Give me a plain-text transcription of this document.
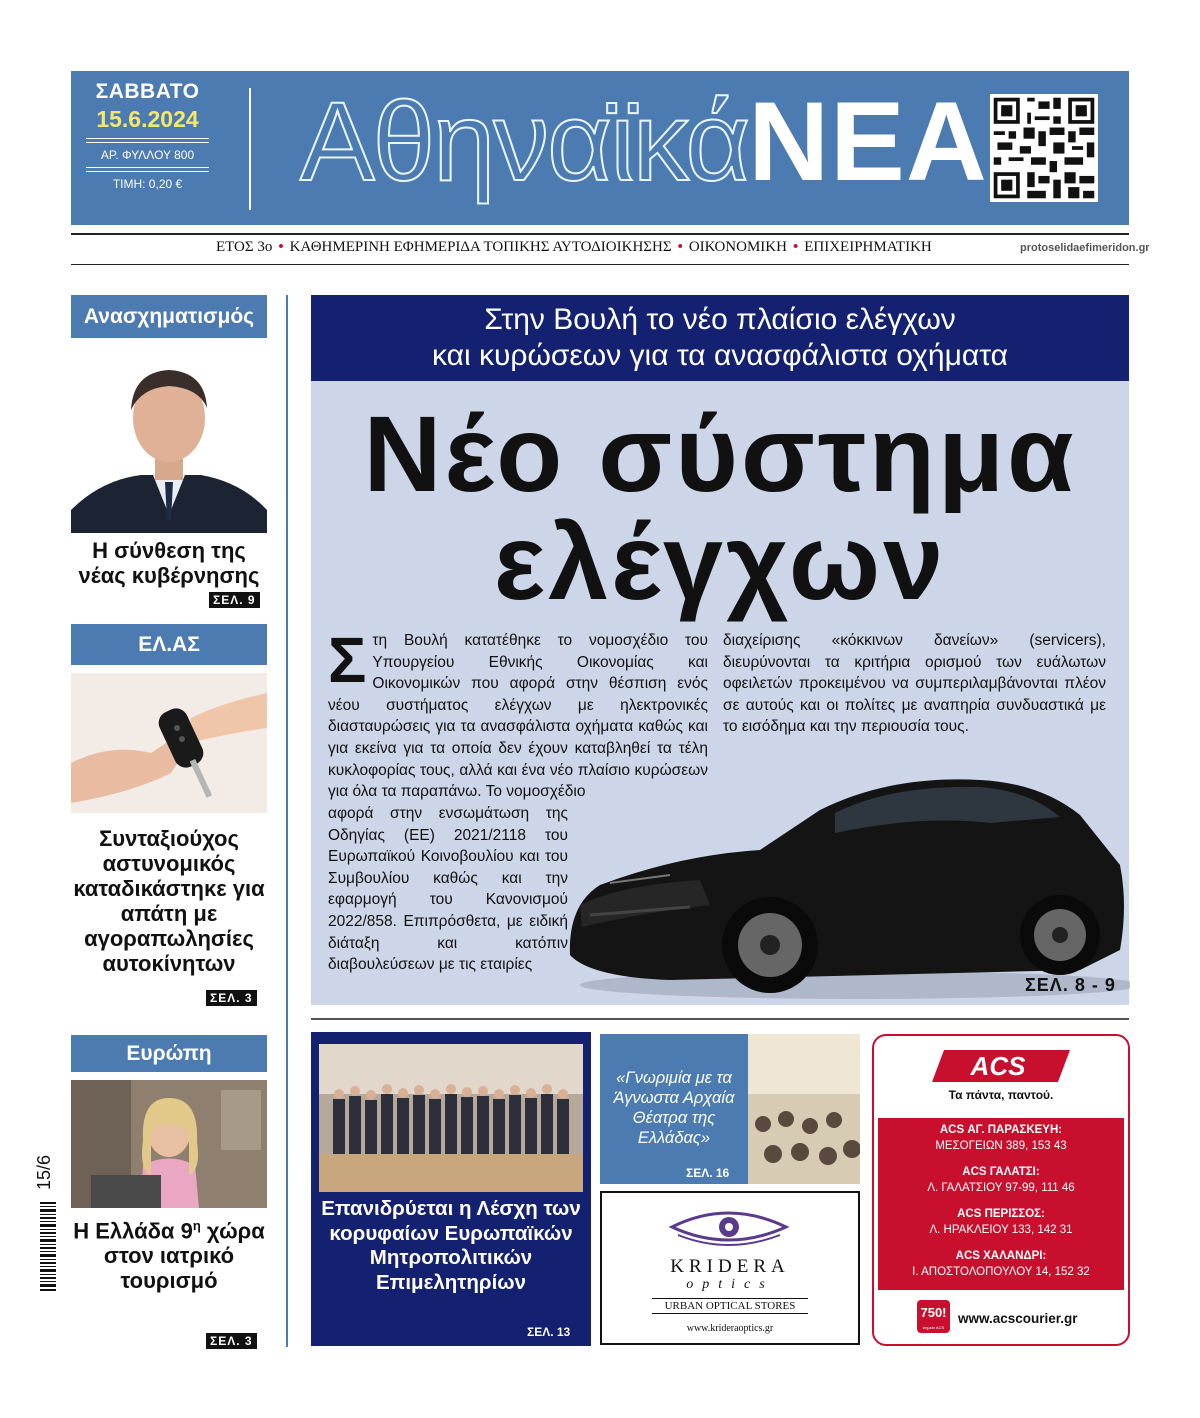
ΣΑΒΒΑΤΟ
15.6.2024
ΑΡ. ΦΥΛΛΟΥ 800
ΤΙΜΗ: 0,20 € ΑθηναϊκάΝΕΑ
ΕΤΟΣ 3ο • ΚΑΘΗΜΕΡΙΝΗ ΕΦΗΜΕΡΙΔΑ ΤΟΠΙΚΗΣ ΑΥΤΟΔΙΟΙΚΗΣΗΣ • ΟΙΚΟΝΟΜΙΚΗ • ΕΠΙΧΕΙΡΗΜΑΤΙΚΗ	protoselidaefimeridon.gr
Ανασχηματισμός
Η σύνθεση της νέας κυβέρνησης
ΣΕΛ. 9
ΕΛ.ΑΣ
Συνταξιούχος αστυνομικός καταδικάστηκε για απάτη με αγοραπωλησίες αυτοκίνητων
ΣΕΛ. 3
Ευρώπη
Η Ελλάδα $9^\eta$ χώρα στον ιατρικό τουρισμό
ΣΕΛ. 3
Στην Βουλή το νέο πλαίσιο ελέγχων
και κυρώσεων για τα ανασφάλιστα οχήματα
Νέο σύστημα
ελέγχων
Στη Βουλή κατατέθηκε το νομοσχέδιο του Υπουργείου Εθνικής Οικονομίας και Οικονομικών που αφορά στην θέσπιση ενός νέου συστήματος ελέγχων με ηλεκτρονικές διασταυρώσεις για τα ανασφάλιστα οχήματα καθώς και για εκείνα για τα οποία δεν έχουν καταβληθεί τα τέλη κυκλοφορίας τους, αλλά και ένα νέο πλαίσιο κυρώσεων για όλα τα παραπάνω. Το νομοσχέδιο
αφορά στην ενσωμάτωση της Οδηγίας (ΕΕ) 2021/2118 του Ευρωπαϊκού Κοινοβουλίου και του Συμβουλίου καθώς και την εφαρμογή του Κανονισμού 2022/858. Επιπρόσθετα, με ειδική διάταξη και κατόπιν διαβουλεύσεων με τις εταιρίες
διαχείρισης «κόκκινων δανείων» (servicers), διευρύνονται τα κριτήρια ορισμού των ευάλωτων οφειλετών προκειμένου να συμπεριλαμβάνονται πλέον σε αυτούς και οι πολίτες με αναπηρία συνδυαστικά με το εισόδημα και την περιουσία τους.
ΣΕΛ. 8 - 9
Επανιδρύεται η Λέσχη των κορυφαίων Ευρωπαϊκών Μητροπολιτικών Επιμελητηρίων
ΣΕΛ. 13
«Γνωριμία με τα Άγνωστα Αρχαία Θέατρα της Ελλάδας»
ΣΕΛ. 16
KRIDERA
optics
URBAN OPTICAL STORES
www.krideraoptics.gr
ACS
Τα πάντα, παντού.
ACS ΑΓ. ΠΑΡΑΣΚΕΥΗ:
ΜΕΣΟΓΕΙΩΝ 389, 153 43
ACS ΓΑΛΑΤΣΙ:
Λ. ΓΑΛΑΤΣΙΟΥ 97-99, 111 46
ACS ΠΕΡΙΣΣΟΣ:
Λ. ΗΡΑΚΛΕΙΟΥ 133, 142 31
ACS ΧΑΛΑΝΔΡΙ:
Ι. ΑΠΟΣΤΟΛΟΠΟΥΛΟΥ 14, 152 32
750!
σημεία ACS
www.acscourier.gr
15/6
